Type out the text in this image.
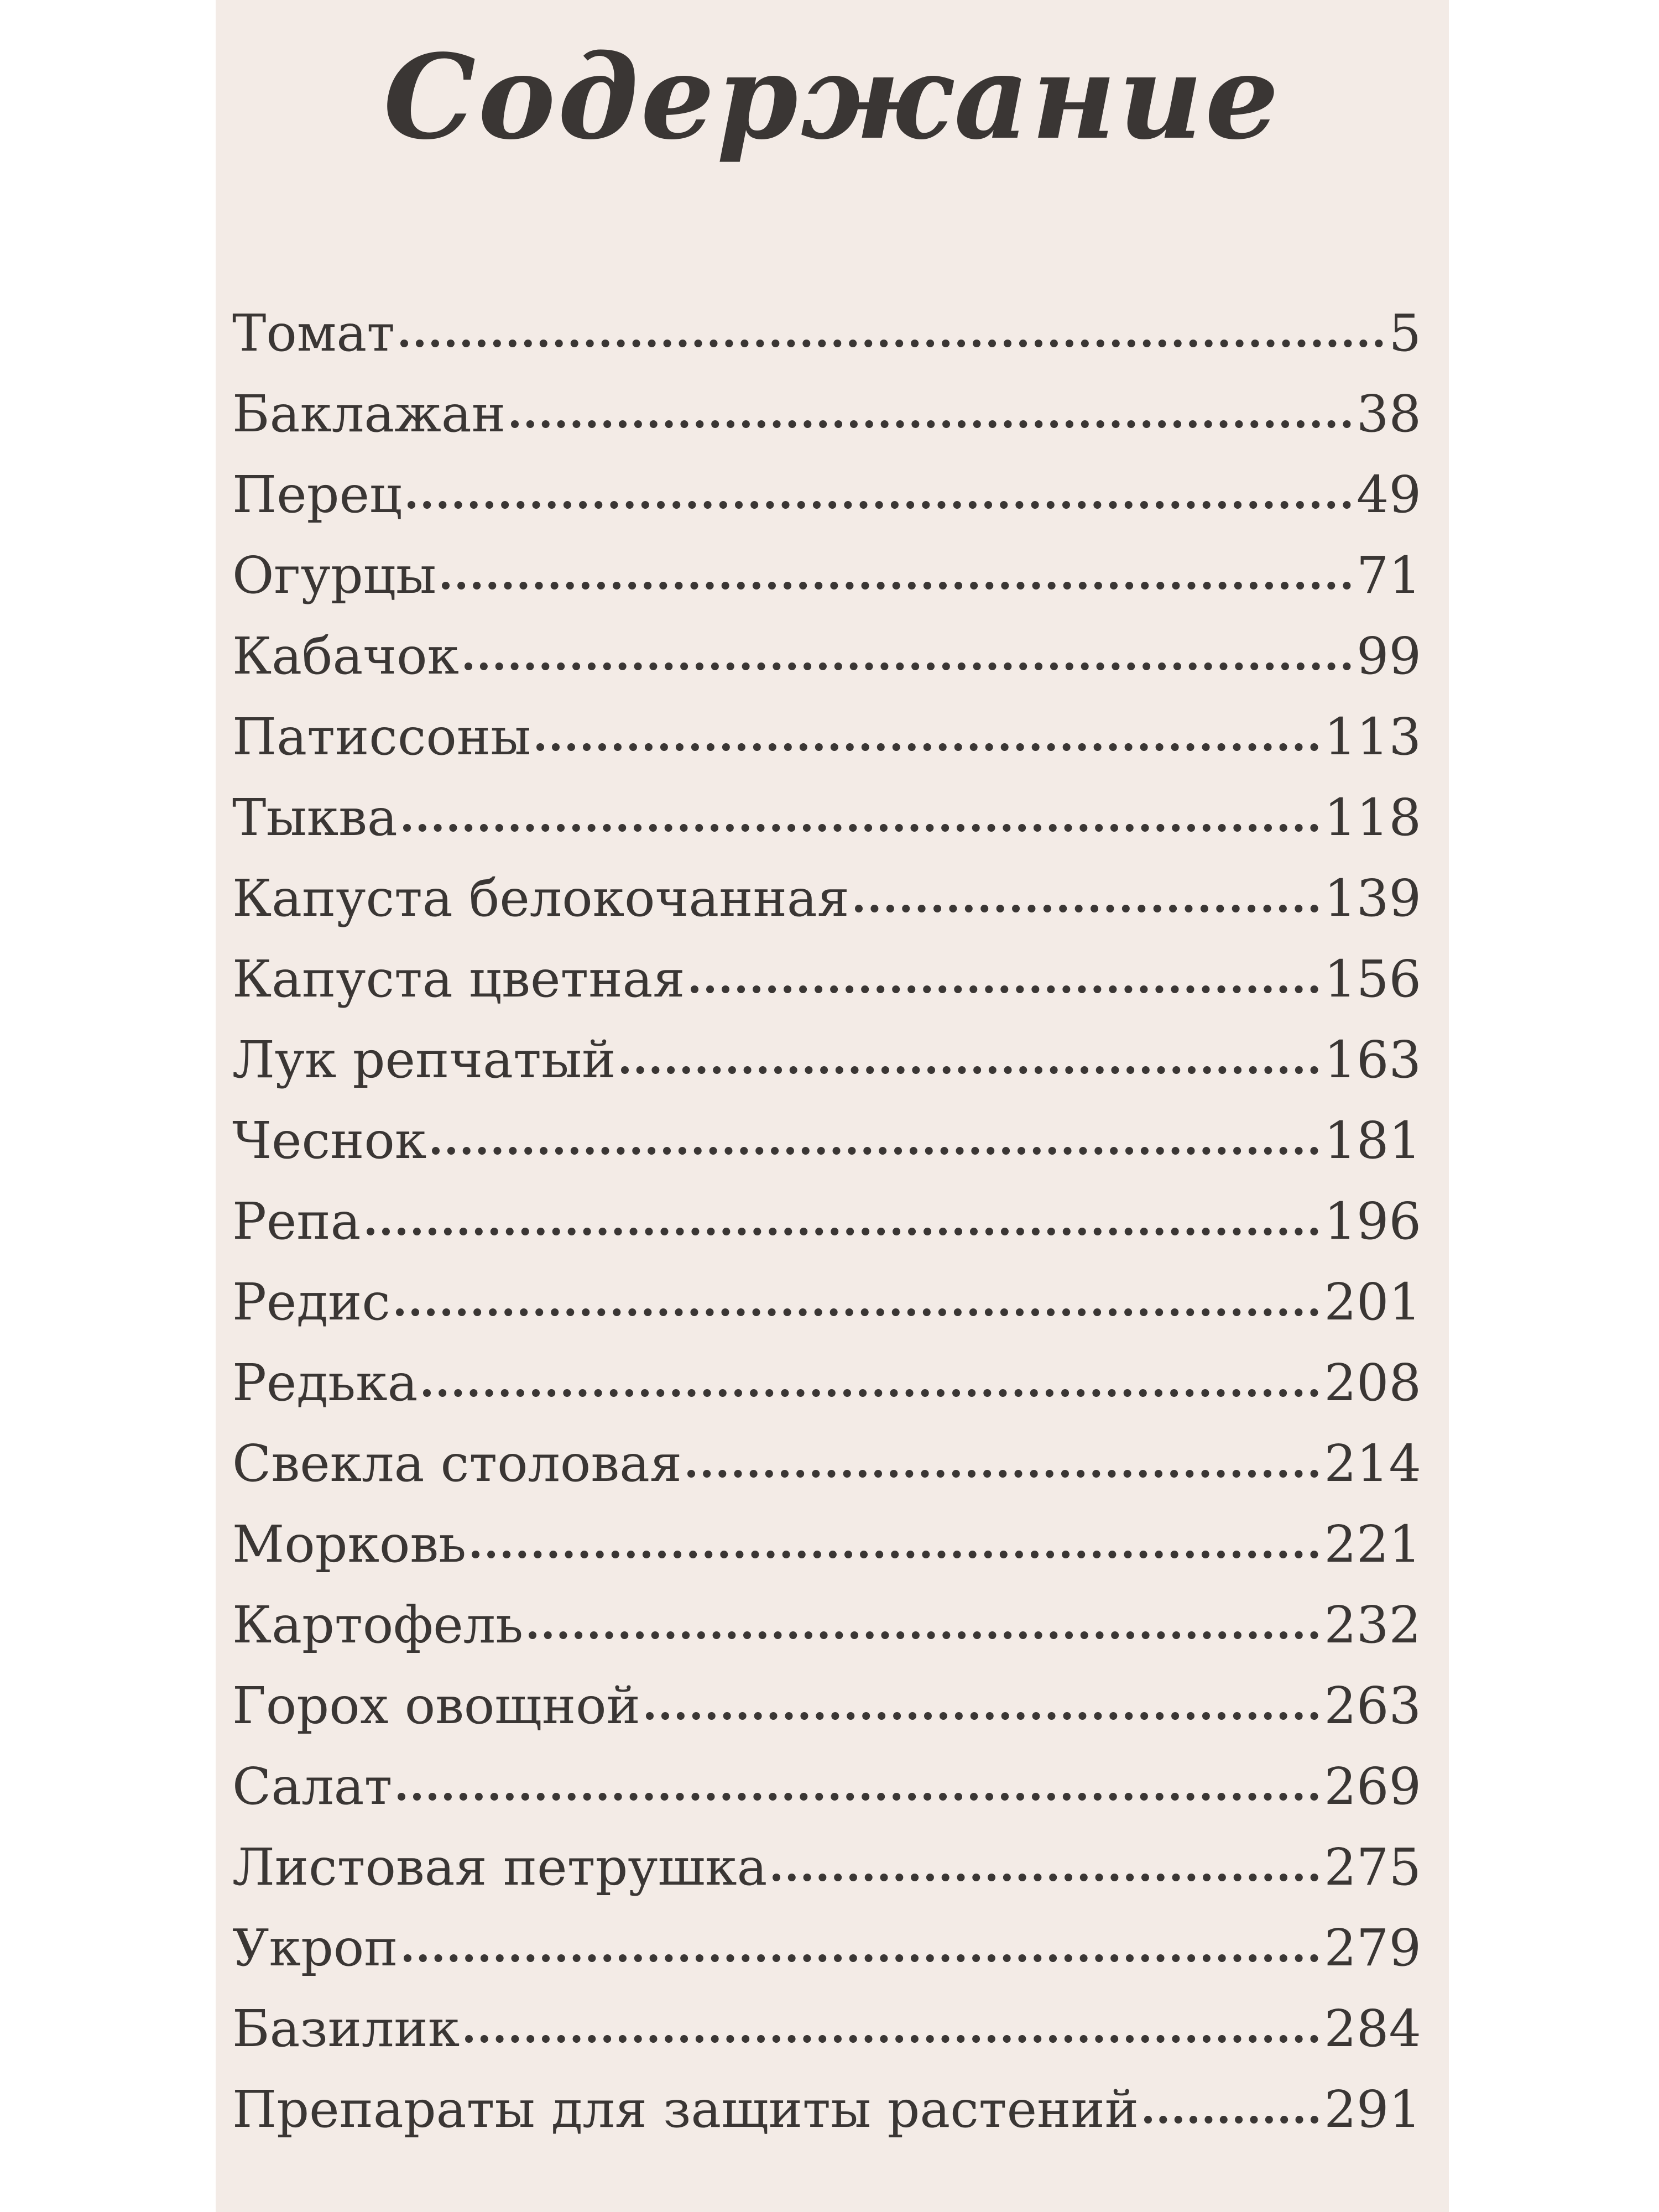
Содержание
Томат	5
Баклажан	38
Перец	49
Огурцы	71
Кабачок	99
Патиссоны	113
Тыква	118
Капуста белокочанная	139
Капуста цветная	156
Лук репчатый	163
Чеснок	181
Репа	196
Редис	201
Редька	208
Свекла столовая	214
Морковь	221
Картофель	232
Горох овощной	263
Салат	269
Листовая петрушка	275
Укроп	279
Базилик	284
Препараты для защиты растений	291
